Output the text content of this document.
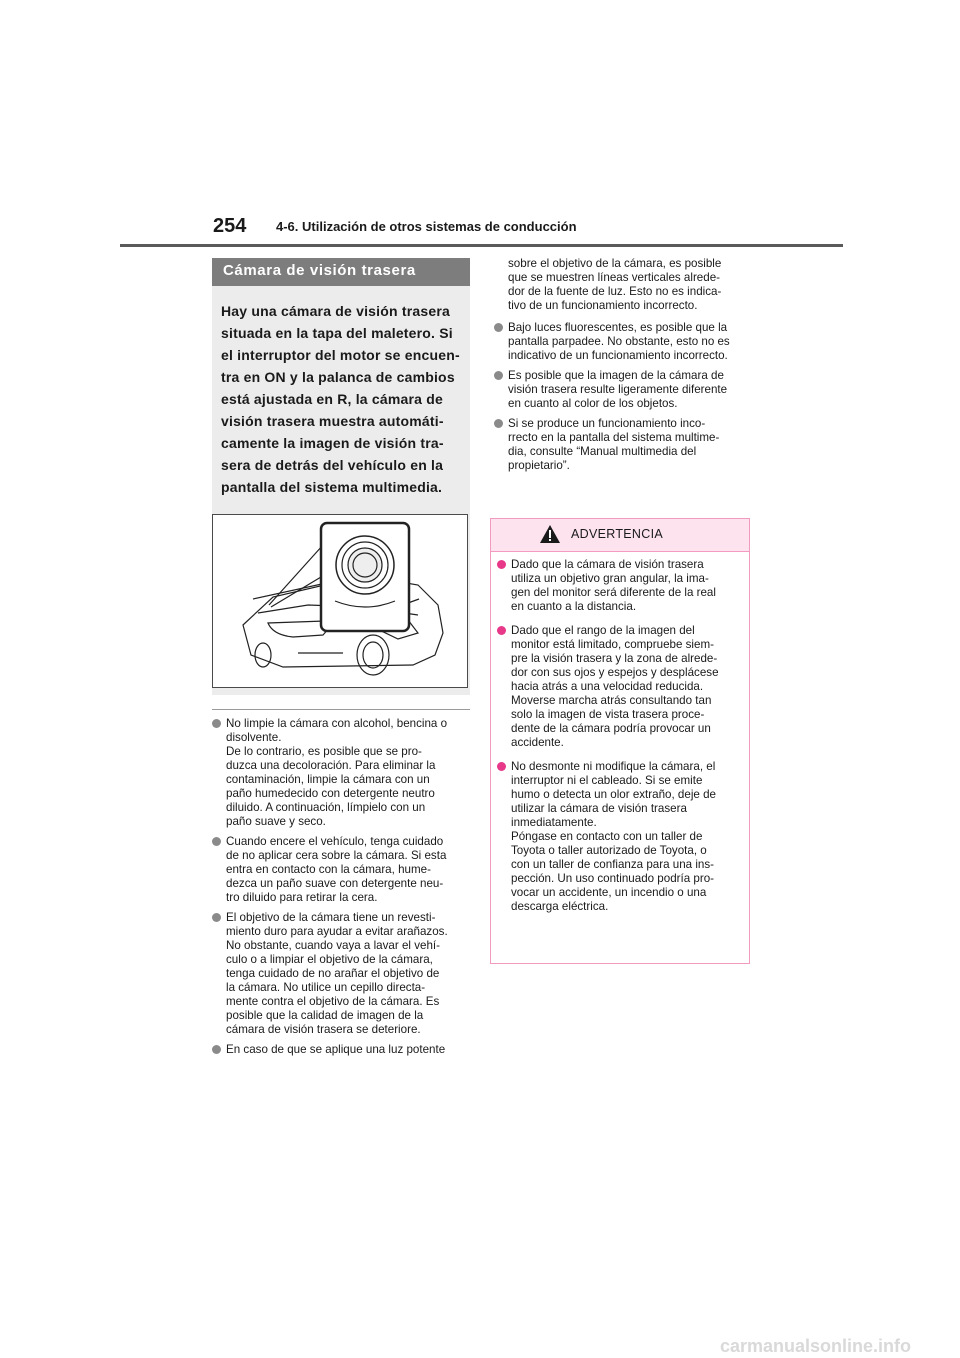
254 4-6. Utilización de otros sistemas de conducción
Cámara de visión trasera
Hay una cámara de visión trasera
situada en la tapa del maletero. Si
el interruptor del motor se encuen-
tra en ON y la palanca de cambios
está ajustada en R, la cámara de
visión trasera muestra automáti-
camente la imagen de visión tra-
sera de detrás del vehículo en la
pantalla del sistema multimedia.
No limpie la cámara con alcohol, bencina o
disolvente.
De lo contrario, es posible que se pro-
duzca una decoloración. Para eliminar la
contaminación, limpie la cámara con un
paño humedecido con detergente neutro
diluido. A continuación, límpielo con un
paño suave y seco.
Cuando encere el vehículo, tenga cuidado
de no aplicar cera sobre la cámara. Si esta
entra en contacto con la cámara, hume-
dezca un paño suave con detergente neu-
tro diluido para retirar la cera.
El objetivo de la cámara tiene un revesti-
miento duro para ayudar a evitar arañazos.
No obstante, cuando vaya a lavar el vehí-
culo o a limpiar el objetivo de la cámara,
tenga cuidado de no arañar el objetivo de
la cámara. No utilice un cepillo directa-
mente contra el objetivo de la cámara. Es
posible que la calidad de imagen de la
cámara de visión trasera se deteriore.
En caso de que se aplique una luz potente
sobre el objetivo de la cámara, es posible
que se muestren líneas verticales alrede-
dor de la fuente de luz. Esto no es indica-
tivo de un funcionamiento incorrecto.
Bajo luces fluorescentes, es posible que la
pantalla parpadee. No obstante, esto no es
indicativo de un funcionamiento incorrecto.
Es posible que la imagen de la cámara de
visión trasera resulte ligeramente diferente
en cuanto al color de los objetos.
Si se produce un funcionamiento inco-
rrecto en la pantalla del sistema multime-
dia, consulte “Manual multimedia del
propietario”.
ADVERTENCIA
Dado que la cámara de visión trasera
utiliza un objetivo gran angular, la ima-
gen del monitor será diferente de la real
en cuanto a la distancia.
Dado que el rango de la imagen del
monitor está limitado, compruebe siem-
pre la visión trasera y la zona de alrede-
dor con sus ojos y espejos y desplácese
hacia atrás a una velocidad reducida.
Moverse marcha atrás consultando tan
solo la imagen de vista trasera proce-
dente de la cámara podría provocar un
accidente.
No desmonte ni modifique la cámara, el
interruptor ni el cableado. Si se emite
humo o detecta un olor extraño, deje de
utilizar la cámara de visión trasera
inmediatamente.
Póngase en contacto con un taller de
Toyota o taller autorizado de Toyota, o
con un taller de confianza para una ins-
pección. Un uso continuado podría pro-
vocar un accidente, un incendio o una
descarga eléctrica.
carmanualsonline.info
